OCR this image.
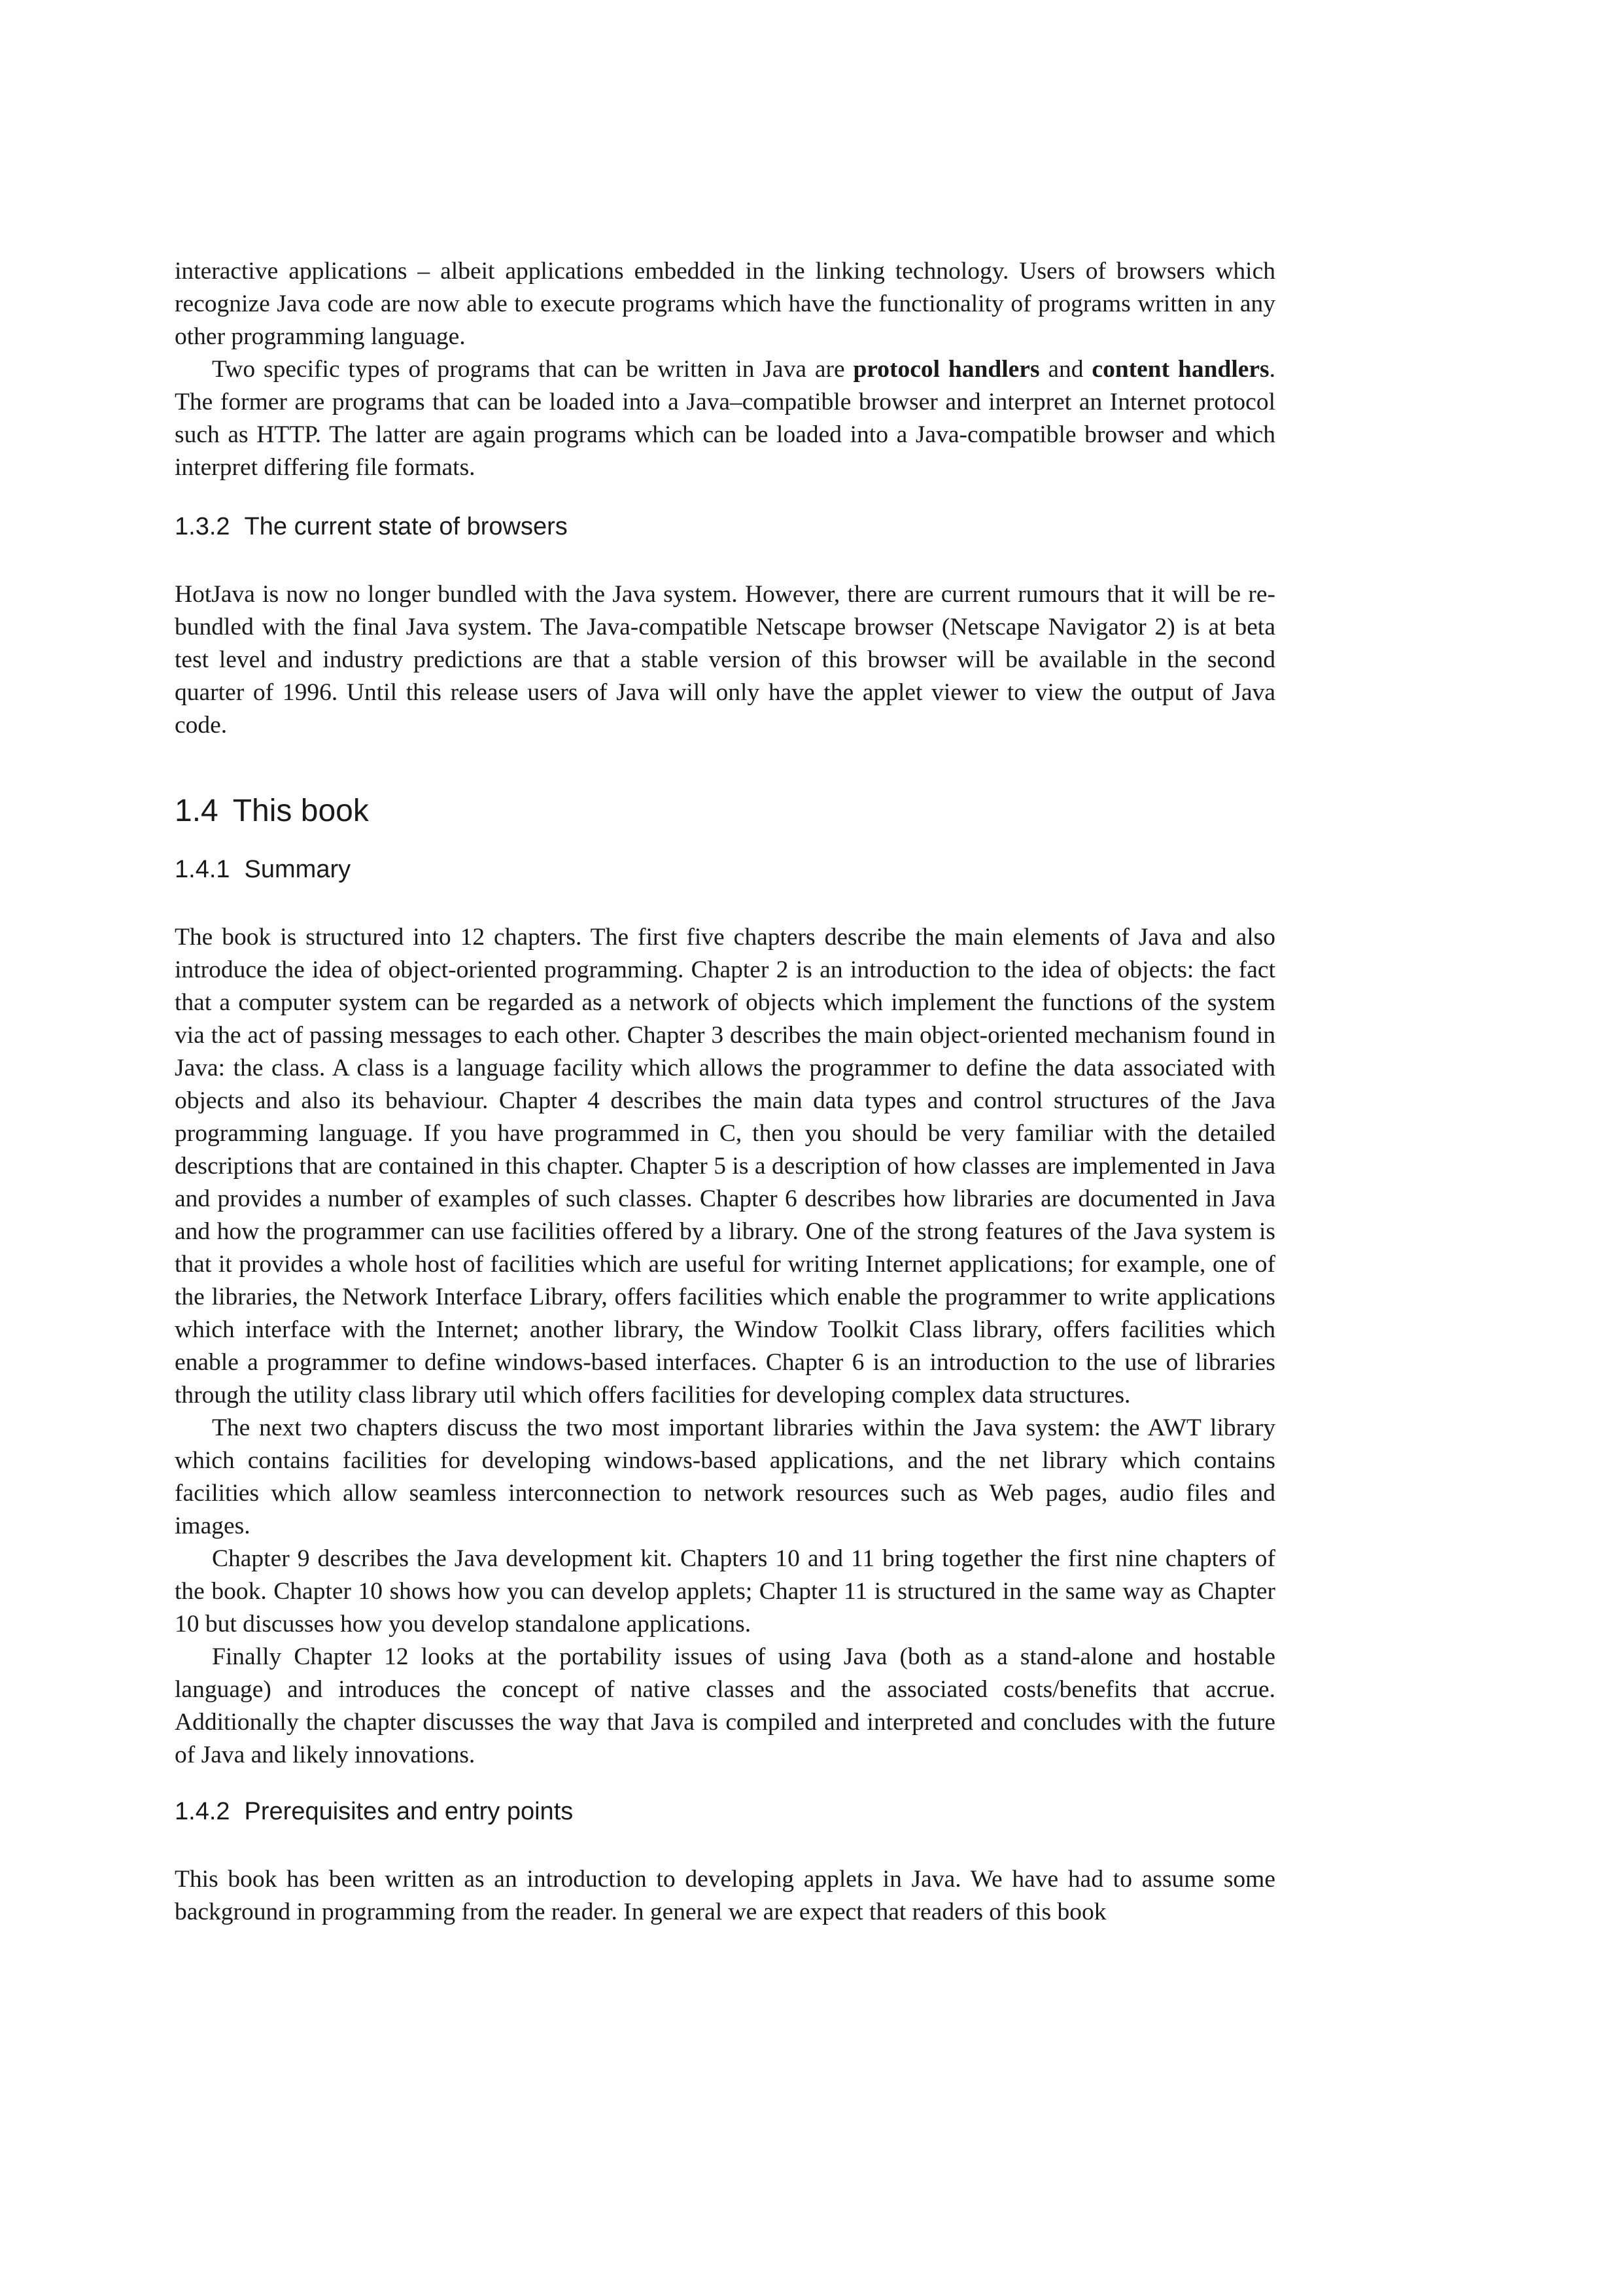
interactive applications – albeit applications embedded in the linking technology. Users of browsers which recognize Java code are now able to execute programs which have the functionality of programs written in any other programming language.

Two specific types of programs that can be written in Java are protocol handlers and content handlers. The former are programs that can be loaded into a Java–compatible browser and interpret an Internet protocol such as HTTP. The latter are again programs which can be loaded into a Java-compatible browser and which interpret differing file formats.

1.3.2 The current state of browsers

HotJava is now no longer bundled with the Java system. However, there are current rumours that it will be re-bundled with the final Java system. The Java-compatible Netscape browser (Netscape Navigator 2) is at beta test level and industry predictions are that a stable version of this browser will be available in the second quarter of 1996. Until this release users of Java will only have the applet viewer to view the output of Java code.

1.4 This book
1.4.1 Summary

The book is structured into 12 chapters. The first five chapters describe the main elements of Java and also introduce the idea of object-oriented programming. Chapter 2 is an introduction to the idea of objects: the fact that a computer system can be regarded as a network of objects which implement the functions of the system via the act of passing messages to each other. Chapter 3 describes the main object-oriented mechanism found in Java: the class. A class is a language facility which allows the programmer to define the data associated with objects and also its behaviour. Chapter 4 describes the main data types and control structures of the Java programming language. If you have programmed in C, then you should be very familiar with the detailed descriptions that are contained in this chapter. Chapter 5 is a description of how classes are implemented in Java and provides a number of examples of such classes. Chapter 6 describes how libraries are documented in Java and how the programmer can use facilities offered by a library. One of the strong features of the Java system is that it provides a whole host of facilities which are useful for writing Internet applications; for example, one of the libraries, the Network Interface Library, offers facilities which enable the programmer to write applications which interface with the Internet; another library, the Window Toolkit Class library, offers facilities which enable a programmer to define windows-based interfaces. Chapter 6 is an introduction to the use of libraries through the utility class library util which offers facilities for developing complex data structures.

The next two chapters discuss the two most important libraries within the Java system: the AWT library which contains facilities for developing windows-based applications, and the net library which contains facilities which allow seamless interconnection to network resources such as Web pages, audio files and images.

Chapter 9 describes the Java development kit. Chapters 10 and 11 bring together the first nine chapters of the book. Chapter 10 shows how you can develop applets; Chapter 11 is structured in the same way as Chapter 10 but discusses how you develop standalone applications.

Finally Chapter 12 looks at the portability issues of using Java (both as a stand-alone and hostable language) and introduces the concept of native classes and the associated costs/benefits that accrue. Additionally the chapter discusses the way that Java is compiled and interpreted and concludes with the future of Java and likely innovations.

1.4.2 Prerequisites and entry points

This book has been written as an introduction to developing applets in Java. We have had to assume some background in programming from the reader. In general we are expect that readers of this book
